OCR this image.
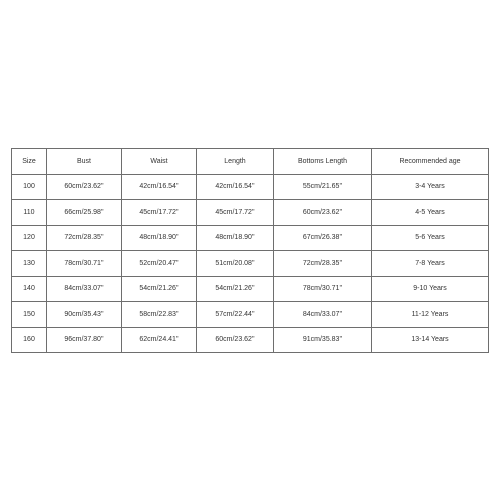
Size	Bust	Waist	Length	Bottoms Length	Recommended age
100	60cm/23.62''	42cm/16.54''	42cm/16.54''	55cm/21.65''	3-4 Years
110	66cm/25.98''	45cm/17.72''	45cm/17.72''	60cm/23.62''	4-5 Years
120	72cm/28.35''	48cm/18.90''	48cm/18.90''	67cm/26.38''	5-6 Years
130	78cm/30.71''	52cm/20.47''	51cm/20.08''	72cm/28.35''	7-8 Years
140	84cm/33.07''	54cm/21.26''	54cm/21.26''	78cm/30.71''	9-10 Years
150	90cm/35.43''	58cm/22.83''	57cm/22.44''	84cm/33.07''	11-12 Years
160	96cm/37.80''	62cm/24.41''	60cm/23.62''	91cm/35.83''	13-14 Years
